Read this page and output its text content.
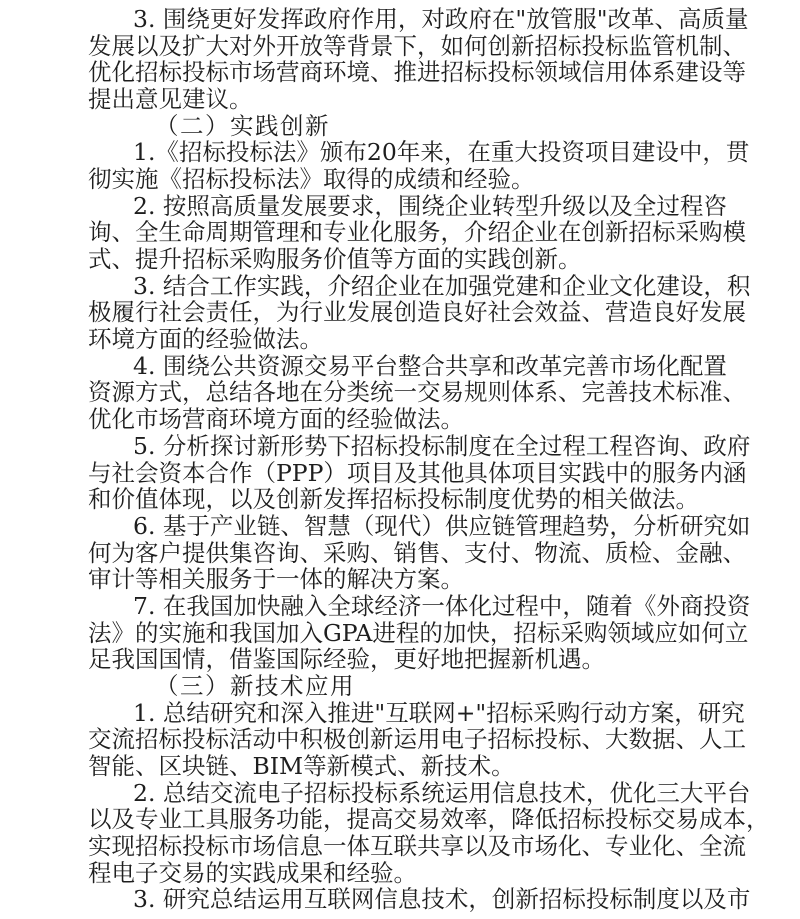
3. 围绕更好发挥政府作用，对政府在"放管服"改革、高质量
发展以及扩大对外开放等背景下，如何创新招标投标监管机制、
优化招标投标市场营商环境、推进招标投标领域信用体系建设等
提出意见建议。
（二）实践创新
1.《招标投标法》颁布20年来，在重大投资项目建设中，贯
彻实施《招标投标法》取得的成绩和经验。
2. 按照高质量发展要求，围绕企业转型升级以及全过程咨
询、全生命周期管理和专业化服务，介绍企业在创新招标采购模
式、提升招标采购服务价值等方面的实践创新。
3. 结合工作实践，介绍企业在加强党建和企业文化建设，积
极履行社会责任，为行业发展创造良好社会效益、营造良好发展
环境方面的经验做法。
4. 围绕公共资源交易平台整合共享和改革完善市场化配置
资源方式，总结各地在分类统一交易规则体系、完善技术标准、
优化市场营商环境方面的经验做法。
5. 分析探讨新形势下招标投标制度在全过程工程咨询、政府
与社会资本合作（PPP）项目及其他具体项目实践中的服务内涵
和价值体现，以及创新发挥招标投标制度优势的相关做法。
6. 基于产业链、智慧（现代）供应链管理趋势，分析研究如
何为客户提供集咨询、采购、销售、支付、物流、质检、金融、
审计等相关服务于一体的解决方案。
7. 在我国加快融入全球经济一体化过程中，随着《外商投资
法》的实施和我国加入GPA进程的加快，招标采购领域应如何立
足我国国情，借鉴国际经验，更好地把握新机遇。
（三）新技术应用
1. 总结研究和深入推进"互联网+"招标采购行动方案，研究
交流招标投标活动中积极创新运用电子招标投标、大数据、人工
智能、区块链、BIM等新模式、新技术。
2. 总结交流电子招标投标系统运用信息技术，优化三大平台
以及专业工具服务功能，提高交易效率，降低招标投标交易成本，
实现招标投标市场信息一体互联共享以及市场化、专业化、全流
程电子交易的实践成果和经验。
3. 研究总结运用互联网信息技术，创新招标投标制度以及市
